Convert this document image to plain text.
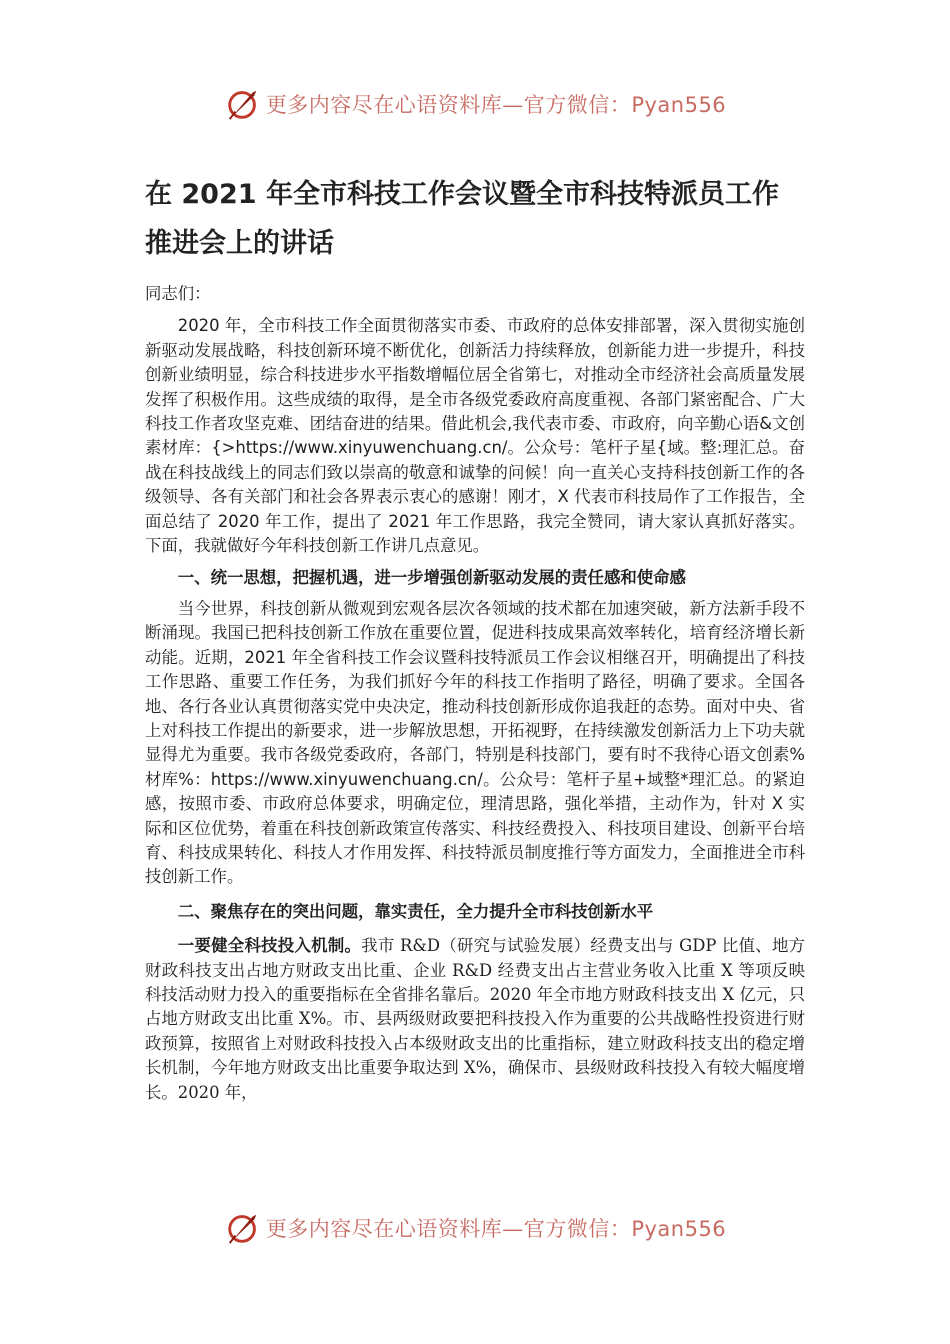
更多内容尽在心语资料库—官方微信：Pyan556
在 2021 年全市科技工作会议暨全市科技特派员工作推进会上的讲话

同志们：

2020 年，全市科技工作全面贯彻落实市委、市政府的总体安排部署，深入贯彻实施创新驱动发展战略，科技创新环境不断优化，创新活力持续释放，创新能力进一步提升，科技创新业绩明显，综合科技进步水平指数增幅位居全省第七，对推动全市经济社会高质量发展发挥了积极作用。这些成绩的取得，是全市各级党委政府高度重视、各部门紧密配合、广大科技工作者攻坚克难、团结奋进的结果。借此机会,我代表市委、市政府，向辛勤心语&文创素材库：{>https://www.xinyuwenchuang.cn/。公众号：笔杆子星{域。整:理汇总。奋战在科技战线上的同志们致以崇高的敬意和诚挚的问候！向一直关心支持科技创新工作的各级领导、各有关部门和社会各界表示衷心的感谢！刚才，X 代表市科技局作了工作报告，全面总结了 2020 年工作，提出了 2021 年工作思路，我完全赞同，请大家认真抓好落实。下面，我就做好今年科技创新工作讲几点意见。

一、统一思想，把握机遇，进一步增强创新驱动发展的责任感和使命感

当今世界，科技创新从微观到宏观各层次各领域的技术都在加速突破，新方法新手段不断涌现。我国已把科技创新工作放在重要位置，促进科技成果高效率转化，培育经济增长新动能。近期，2021 年全省科技工作会议暨科技特派员工作会议相继召开，明确提出了科技工作思路、重要工作任务，为我们抓好今年的科技工作指明了路径，明确了要求。全国各地、各行各业认真贯彻落实党中央决定，推动科技创新形成你追我赶的态势。面对中央、省上对科技工作提出的新要求，进一步解放思想，开拓视野，在持续激发创新活力上下功夫就显得尤为重要。我市各级党委政府，各部门，特别是科技部门，要有时不我待心语文创素%材库%：https://www.xinyuwenchuang.cn/。公众号：笔杆子星+域整*理汇总。的紧迫感，按照市委、市政府总体要求，明确定位，理清思路，强化举措，主动作为，针对 X 实际和区位优势，着重在科技创新政策宣传落实、科技经费投入、科技项目建设、创新平台培育、科技成果转化、科技人才作用发挥、科技特派员制度推行等方面发力，全面推进全市科技创新工作。

二、聚焦存在的突出问题，靠实责任，全力提升全市科技创新水平

一要健全科技投入机制。我市 R&D（研究与试验发展）经费支出与 GDP 比值、地方财政科技支出占地方财政支出比重、企业 R&D 经费支出占主营业务收入比重 X 等项反映科技活动财力投入的重要指标在全省排名靠后。2020 年全市地方财政科技支出 X 亿元，只占地方财政支出比重 X%。市、县两级财政要把科技投入作为重要的公共战略性投资进行财政预算，按照省上对财政科技投入占本级财政支出的比重指标，建立财政科技支出的稳定增长机制，今年地方财政支出比重要争取达到 X%，确保市、县级财政科技投入有较大幅度增长。2020 年，

更多内容尽在心语资料库—官方微信：Pyan556
